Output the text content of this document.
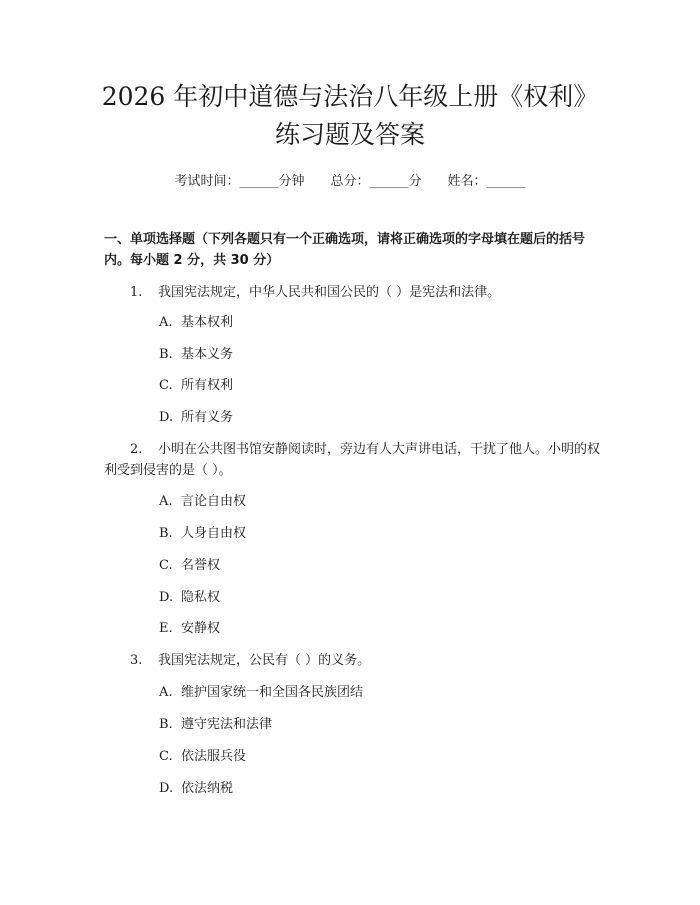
2026 年初中道德与法治八年级上册《权利》
练习题及答案
考试时间：______分钟 总分：______分 姓名：______
一、单项选择题（下列各题只有一个正确选项，请将正确选项的字母填在题后的括号内。每小题 2 分，共 30 分）
1. 我国宪法规定，中华人民共和国公民的（ ）是宪法和法律。
A. 基本权利
B. 基本义务
C. 所有权利
D. 所有义务
2. 小明在公共图书馆安静阅读时，旁边有人大声讲电话，干扰了他人。小明的权利受到侵害的是（ ）。
A. 言论自由权
B. 人身自由权
C. 名誉权
D. 隐私权
E. 安静权
3. 我国宪法规定，公民有（ ）的义务。
A. 维护国家统一和全国各民族团结
B. 遵守宪法和法律
C. 依法服兵役
D. 依法纳税
